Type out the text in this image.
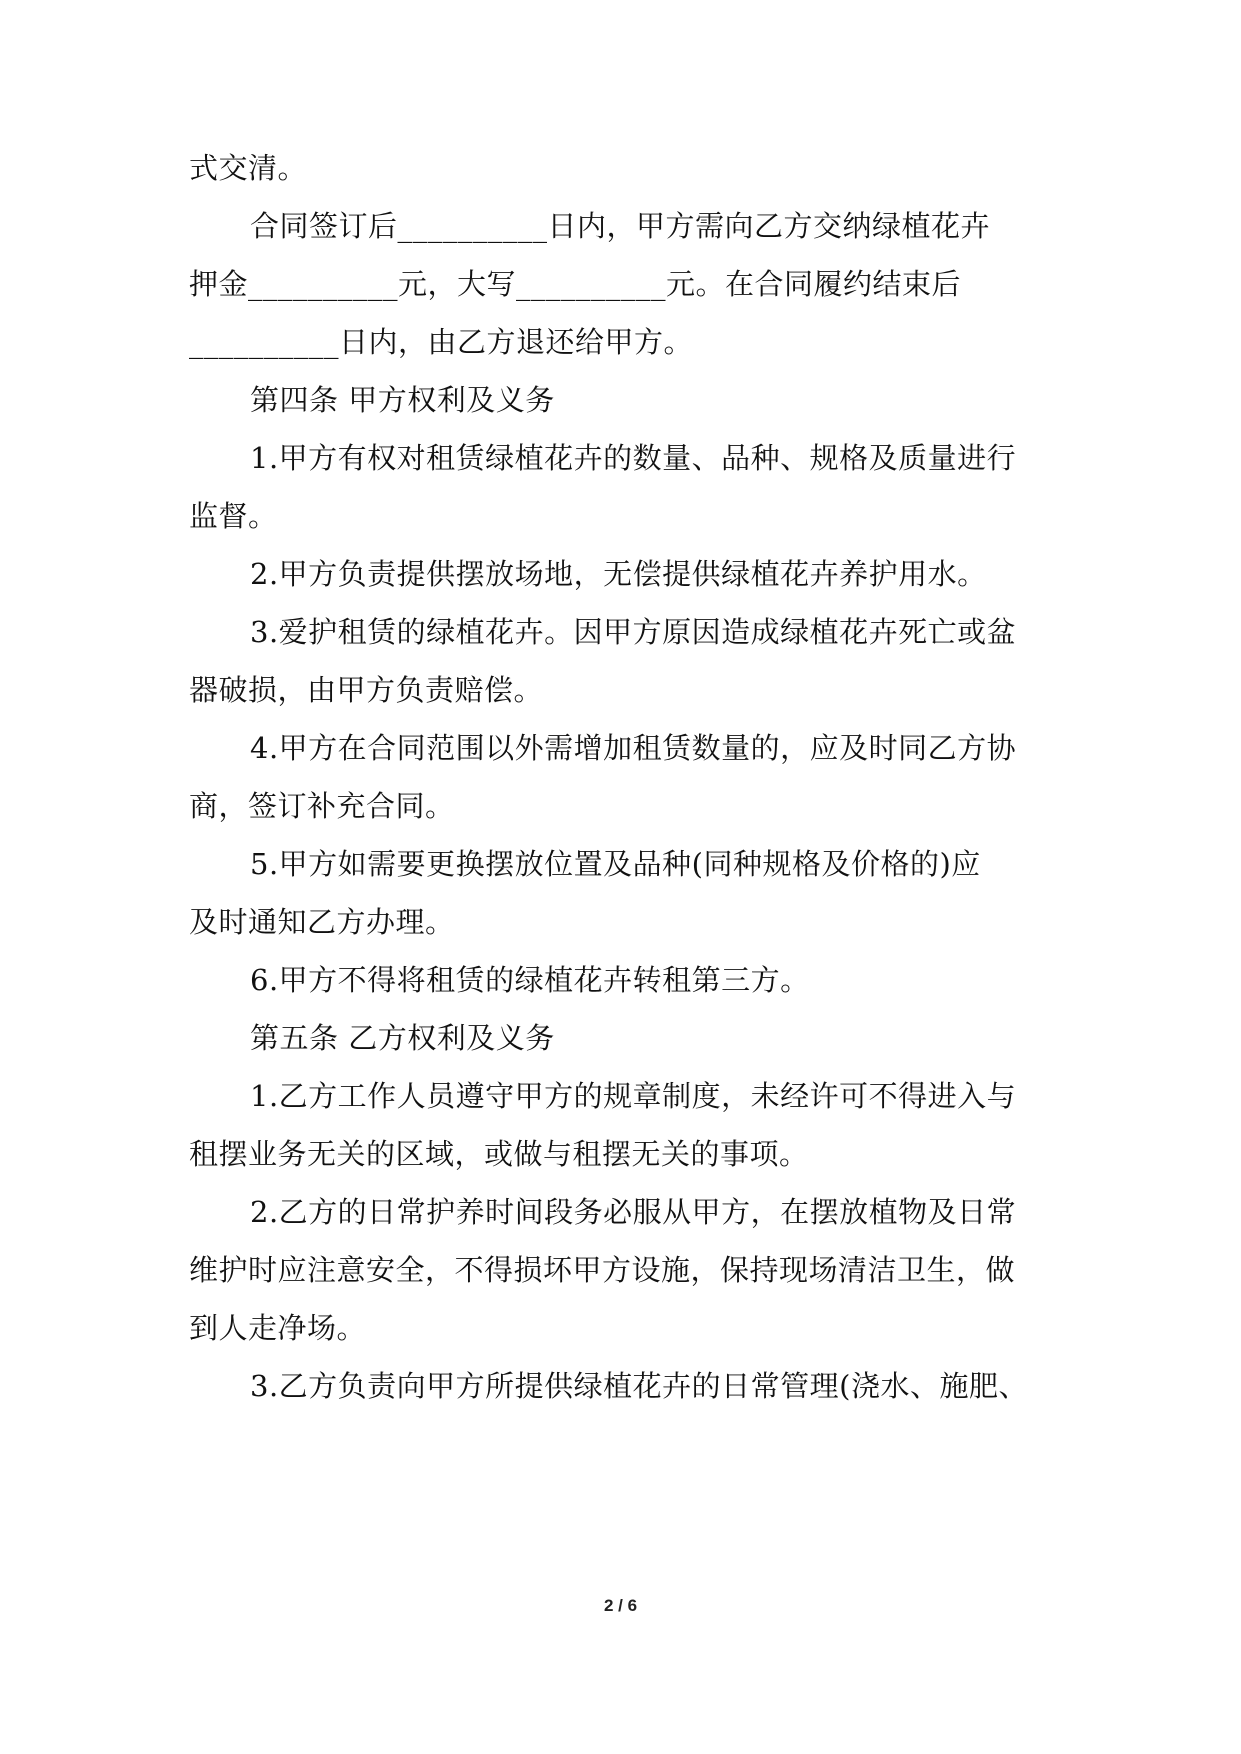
式交清。
合同签订后__________日内，甲方需向乙方交纳绿植花卉
押金__________元，大写__________元。在合同履约结束后
__________日内，由乙方退还给甲方。
第四条 甲方权利及义务
1.甲方有权对租赁绿植花卉的数量、品种、规格及质量进行
监督。
2.甲方负责提供摆放场地，无偿提供绿植花卉养护用水。
3.爱护租赁的绿植花卉。因甲方原因造成绿植花卉死亡或盆
器破损，由甲方负责赔偿。
4.甲方在合同范围以外需增加租赁数量的，应及时同乙方协
商，签订补充合同。
5.甲方如需要更换摆放位置及品种(同种规格及价格的)应
及时通知乙方办理。
6.甲方不得将租赁的绿植花卉转租第三方。
第五条 乙方权利及义务
1.乙方工作人员遵守甲方的规章制度，未经许可不得进入与
租摆业务无关的区域，或做与租摆无关的事项。
2.乙方的日常护养时间段务必服从甲方，在摆放植物及日常
维护时应注意安全，不得损坏甲方设施，保持现场清洁卫生，做
到人走净场。
3.乙方负责向甲方所提供绿植花卉的日常管理(浇水、施肥、
2 / 6
